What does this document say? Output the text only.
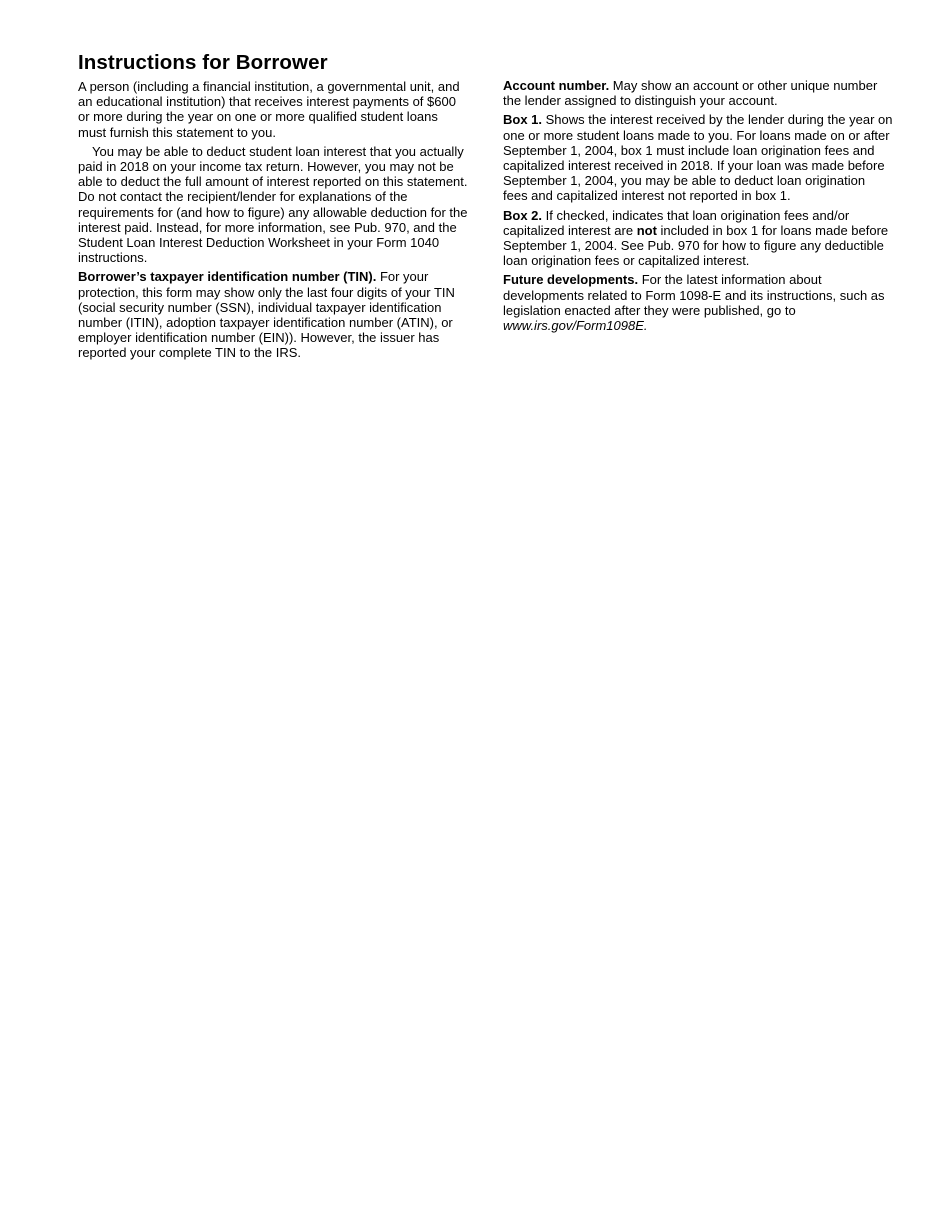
Instructions for Borrower

A person (including a financial institution, a governmental unit, and an educational institution) that receives interest payments of $600 or more during the year on one or more qualified student loans must furnish this statement to you.

You may be able to deduct student loan interest that you actually paid in 2018 on your income tax return. However, you may not be able to deduct the full amount of interest reported on this statement. Do not contact the recipient/lender for explanations of the requirements for (and how to figure) any allowable deduction for the interest paid. Instead, for more information, see Pub. 970, and the Student Loan Interest Deduction Worksheet in your Form 1040 instructions.

Borrower’s taxpayer identification number (TIN). For your protection, this form may show only the last four digits of your TIN (social security number (SSN), individual taxpayer identification number (ITIN), adoption taxpayer identification number (ATIN), or employer identification number (EIN)). However, the issuer has reported your complete TIN to the IRS.

Account number. May show an account or other unique number the lender assigned to distinguish your account.

Box 1. Shows the interest received by the lender during the year on one or more student loans made to you. For loans made on or after September 1, 2004, box 1 must include loan origination fees and capitalized interest received in 2018. If your loan was made before September 1, 2004, you may be able to deduct loan origination fees and capitalized interest not reported in box 1.

Box 2. If checked, indicates that loan origination fees and/or capitalized interest are not included in box 1 for loans made before September 1, 2004. See Pub. 970 for how to figure any deductible loan origination fees or capitalized interest.

Future developments. For the latest information about developments related to Form 1098-E and its instructions, such as legislation enacted after they were published, go to www.irs.gov/Form1098E.
